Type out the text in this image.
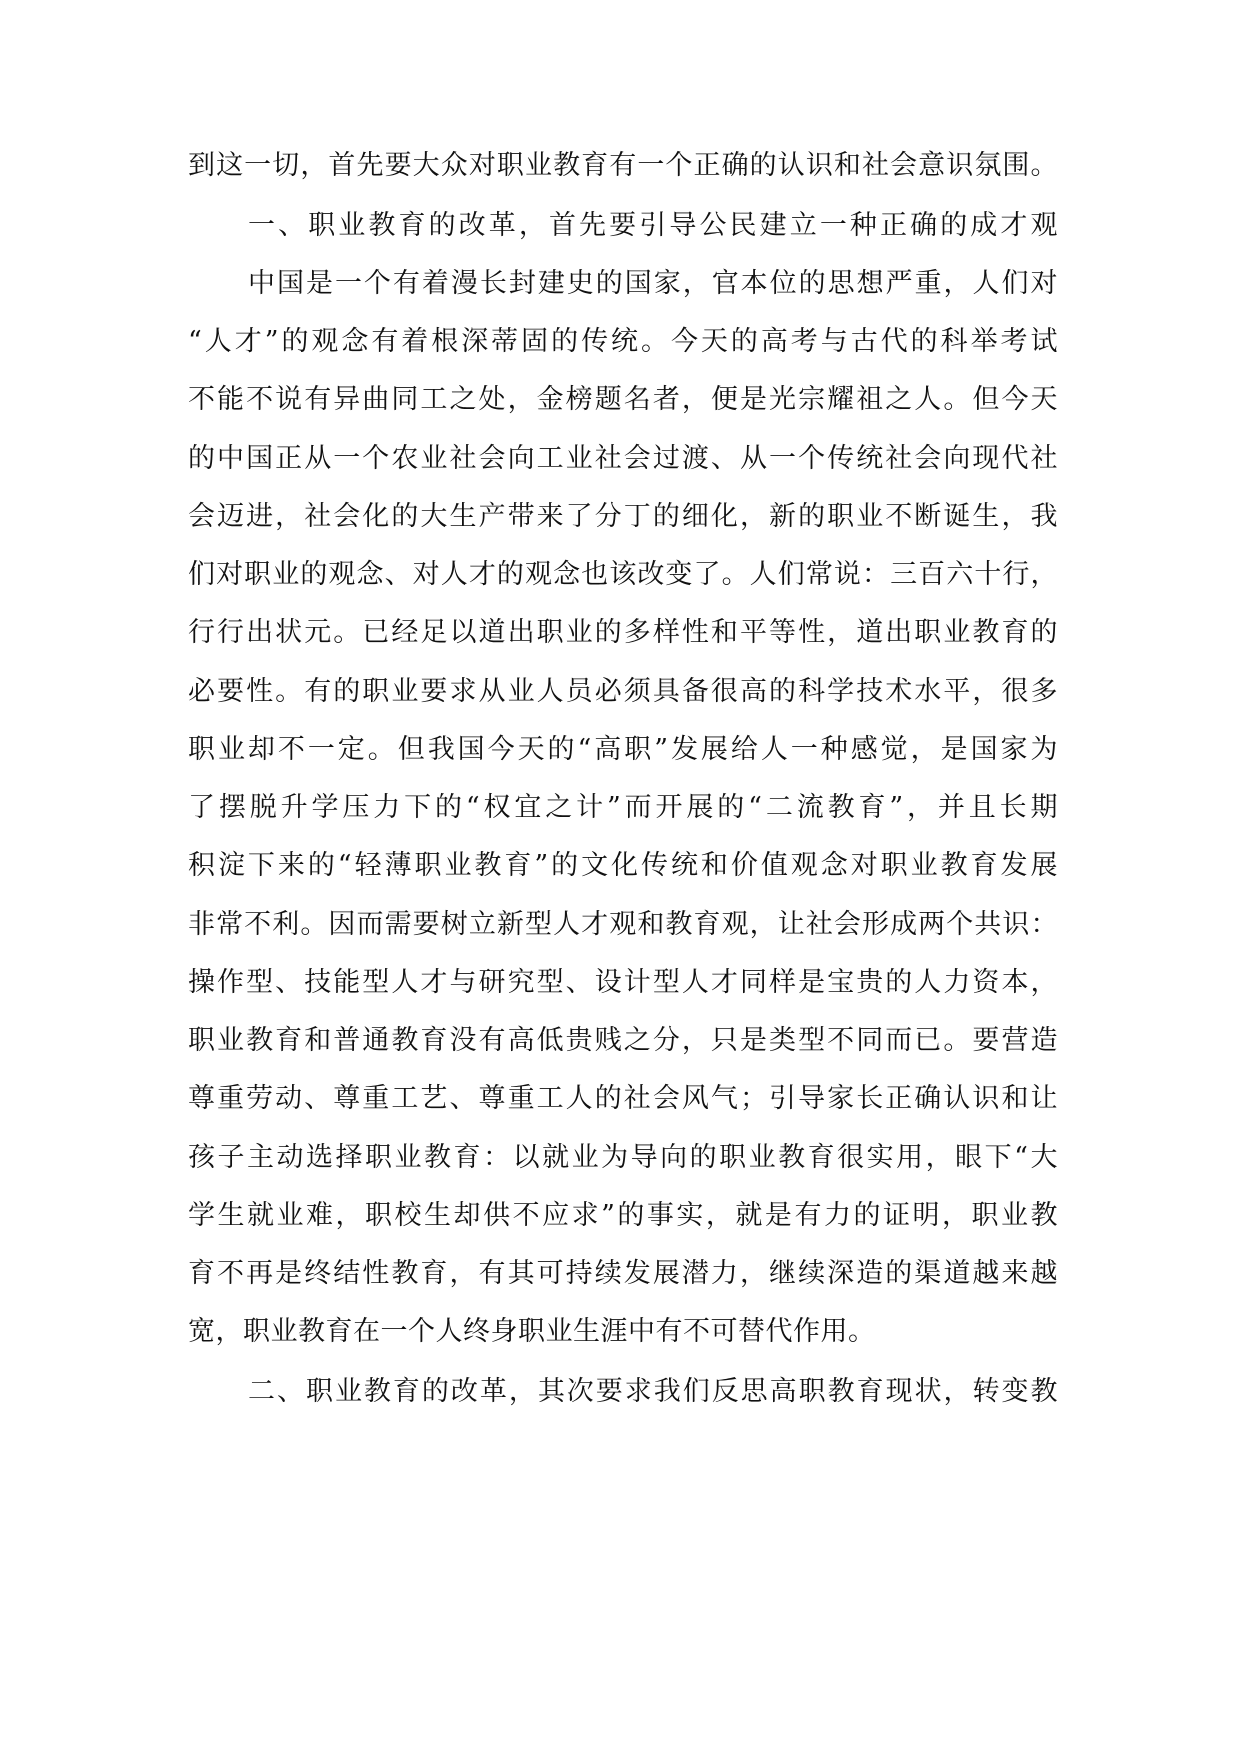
到这一切，首先要大众对职业教育有一个正确的认识和社会意识氛围。
一、职业教育的改革，首先要引导公民建立一种正确的成才观
中国是一个有着漫长封建史的国家，官本位的思想严重，人们对
“人才”的观念有着根深蒂固的传统。今天的高考与古代的科举考试
不能不说有异曲同工之处，金榜题名者，便是光宗耀祖之人。但今天
的中国正从一个农业社会向工业社会过渡、从一个传统社会向现代社
会迈进，社会化的大生产带来了分丁的细化，新的职业不断诞生，我
们对职业的观念、对人才的观念也该改变了。人们常说：三百六十行，
行行出状元。已经足以道出职业的多样性和平等性，道出职业教育的
必要性。有的职业要求从业人员必须具备很高的科学技术水平，很多
职业却不一定。但我国今天的“高职”发展给人一种感觉，是国家为
了摆脱升学压力下的“权宜之计”而开展的“二流教育”，并且长期
积淀下来的“轻薄职业教育”的文化传统和价值观念对职业教育发展
非常不利。因而需要树立新型人才观和教育观，让社会形成两个共识：
操作型、技能型人才与研究型、设计型人才同样是宝贵的人力资本，
职业教育和普通教育没有高低贵贱之分，只是类型不同而已。要营造
尊重劳动、尊重工艺、尊重工人的社会风气；引导家长正确认识和让
孩子主动选择职业教育：以就业为导向的职业教育很实用，眼下“大
学生就业难，职校生却供不应求”的事实，就是有力的证明，职业教
育不再是终结性教育，有其可持续发展潜力，继续深造的渠道越来越
宽，职业教育在一个人终身职业生涯中有不可替代作用。
二、职业教育的改革，其次要求我们反思高职教育现状，转变教
